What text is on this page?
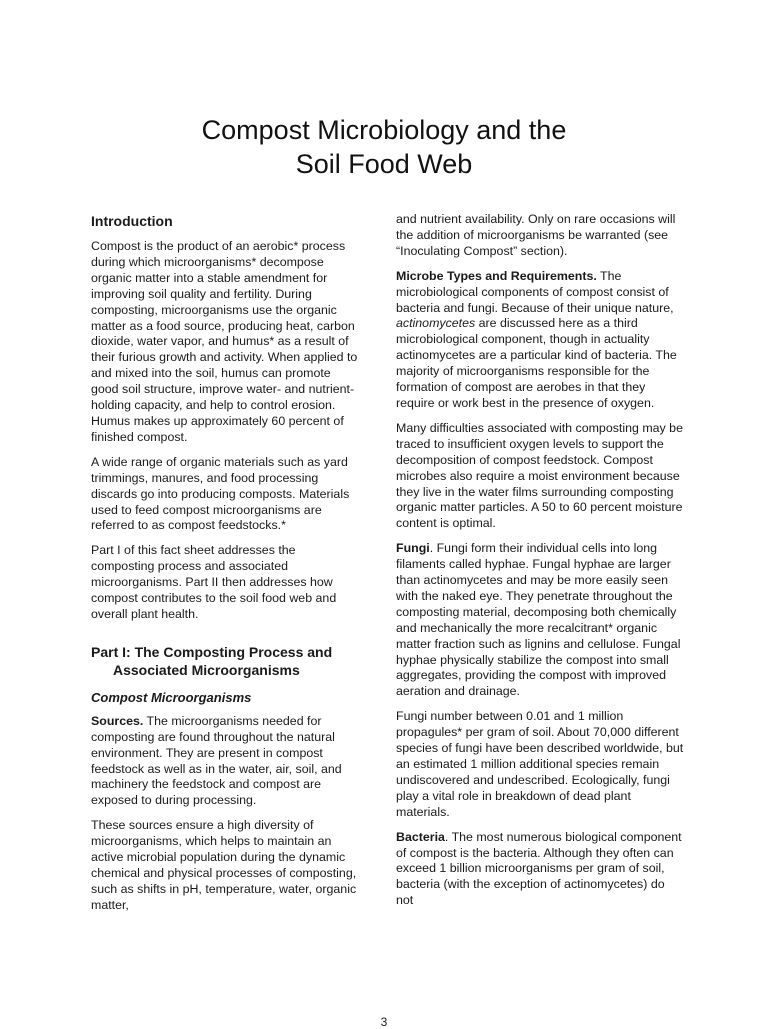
Compost Microbiology and the
Soil Food Web
Introduction

Compost is the product of an aerobic* process during which microorganisms* decompose organic matter into a stable amendment for improving soil quality and fertility. During composting, microorganisms use the organic matter as a food source, producing heat, carbon dioxide, water vapor, and humus* as a result of their furious growth and activity. When applied to and mixed into the soil, humus can promote good soil structure, improve water- and nutrient-holding capacity, and help to control erosion. Humus makes up approximately 60 percent of finished compost.

A wide range of organic materials such as yard trimmings, manures, and food processing discards go into producing composts. Materials used to feed compost microorganisms are referred to as compost feedstocks.*

Part I of this fact sheet addresses the composting process and associated microorganisms. Part II then addresses how compost contributes to the soil food web and overall plant health.

Part I: The Composting Process and
Associated Microorganisms
Compost Microorganisms

Sources. The microorganisms needed for composting are found throughout the natural environment. They are present in compost feedstock as well as in the water, air, soil, and machinery the feedstock and compost are exposed to during processing.

These sources ensure a high diversity of microorganisms, which helps to maintain an active microbial population during the dynamic chemical and physical processes of composting, such as shifts in pH, temperature, water, organic matter,

and nutrient availability. Only on rare occasions will the addition of microorganisms be warranted (see “Inoculating Compost” section).

Microbe Types and Requirements. The microbiological components of compost consist of bacteria and fungi. Because of their unique nature, actinomycetes are discussed here as a third microbiological component, though in actuality actinomycetes are a particular kind of bacteria. The majority of microorganisms responsible for the formation of compost are aerobes in that they require or work best in the presence of oxygen.

Many difficulties associated with composting may be traced to insufficient oxygen levels to support the decomposition of compost feedstock. Compost microbes also require a moist environment because they live in the water films surrounding composting organic matter particles. A 50 to 60 percent moisture content is optimal.

Fungi. Fungi form their individual cells into long filaments called hyphae. Fungal hyphae are larger than actinomycetes and may be more easily seen with the naked eye. They penetrate throughout the composting material, decomposing both chemically and mechanically the more recalcitrant* organic matter fraction such as lignins and cellulose. Fungal hyphae physically stabilize the compost into small aggregates, providing the compost with improved aeration and drainage.

Fungi number between 0.01 and 1 million propagules* per gram of soil. About 70,000 different species of fungi have been described worldwide, but an estimated 1 million additional species remain undiscovered and undescribed. Ecologically, fungi play a vital role in breakdown of dead plant materials.

Bacteria. The most numerous biological component of compost is the bacteria. Although they often can exceed 1 billion microorganisms per gram of soil, bacteria (with the exception of actinomycetes) do not

3
